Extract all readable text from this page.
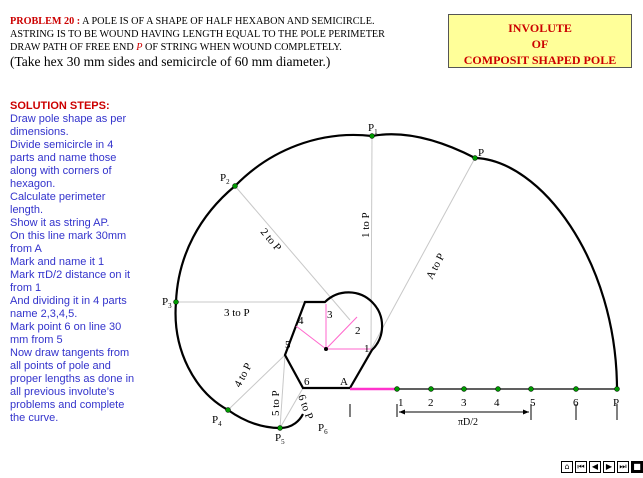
PROBLEM 20 : A POLE IS OF A SHAPE OF HALF HEXABON AND SEMICIRCLE.
ASTRING IS TO BE WOUND HAVING LENGTH EQUAL TO THE POLE PERIMETER
DRAW PATH OF FREE END P OF STRING WHEN WOUND COMPLETELY.
(Take hex 30 mm sides and semicircle of 60 mm diameter.)
INVOLUTE
OF
COMPOSIT SHAPED POLE
SOLUTION STEPS:
Draw pole shape as per dimensions.
Divide semicircle in 4 parts and name those along with corners of hexagon.
Calculate perimeter length.
Show it as string AP.
On this line mark 30mm from A
Mark and name it 1
Mark πD/2 distance on it from 1
And dividing it in 4 parts name 2,3,4,5.
Mark point 6 on line 30 mm from 5
Now draw tangents from all points of pole and proper lengths as done in all previous involute’s problems and complete the curve.	πD/2
P
$P_1$
$P_2$
$P_3$
$P_4$
$P_5$
$P_6$
1
2
3
4
5
6	A
1 2	3	4	5	6	P
A to P
1 to P
2 to P
3 to P
4 to P
5 to P 6 to P
⌂ ⏮ ◀ ▶ ⏭ ■
